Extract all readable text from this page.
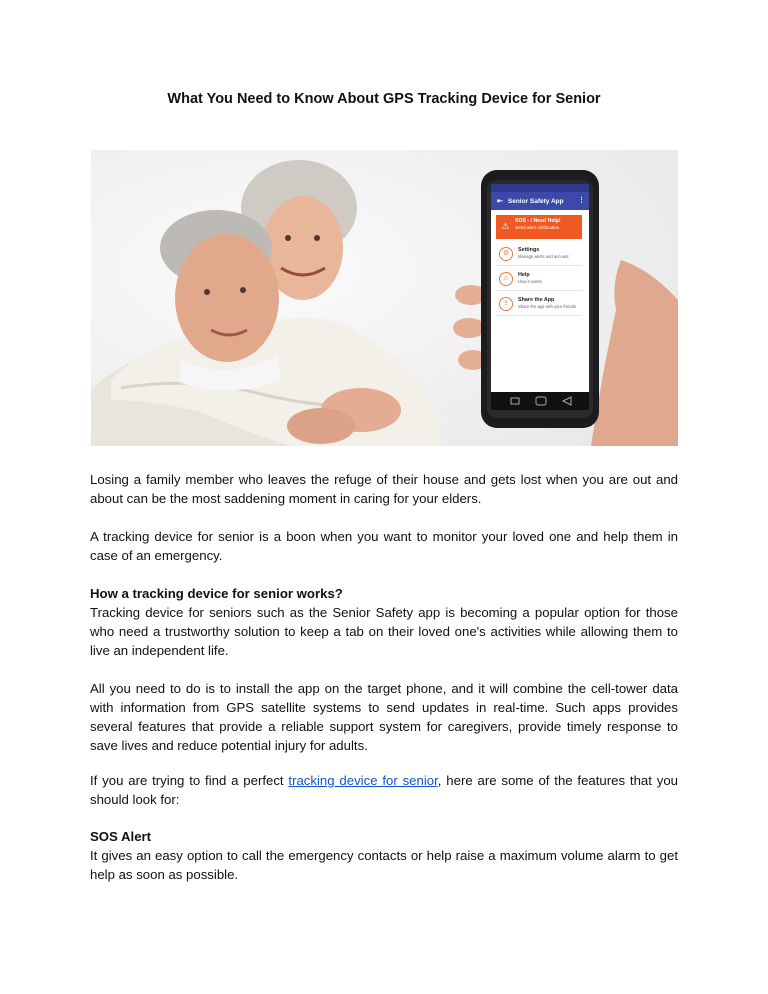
What You Need to Know About GPS Tracking Device for Senior
⇤ Senior Safety App ⋮
⚠ SOS - I Need Help!
Send alert notification
⚙	Settings
Manage alerts and account
☺	Help
How it works
⇪	Share the App
Share the app with your friends

Losing a family member who leaves the refuge of their house and gets lost when you are out and about can be the most saddening moment in caring for your elders.

A tracking device for senior is a boon when you want to monitor your loved one and help them in case of an emergency.

How a tracking device for senior works?
Tracking device for seniors such as the Senior Safety app is becoming a popular option for those who need a trustworthy solution to keep a tab on their loved one's activities while allowing them to live an independent life.

All you need to do is to install the app on the target phone, and it will combine the cell-tower data with information from GPS satellite systems to send updates in real-time. Such apps provides several features that provide a reliable support system for caregivers, provide timely response to save lives and reduce potential injury for adults.

If you are trying to find a perfect tracking device for senior, here are some of the features that you should look for:

SOS Alert
It gives an easy option to call the emergency contacts or help raise a maximum volume alarm to get help as soon as possible.
